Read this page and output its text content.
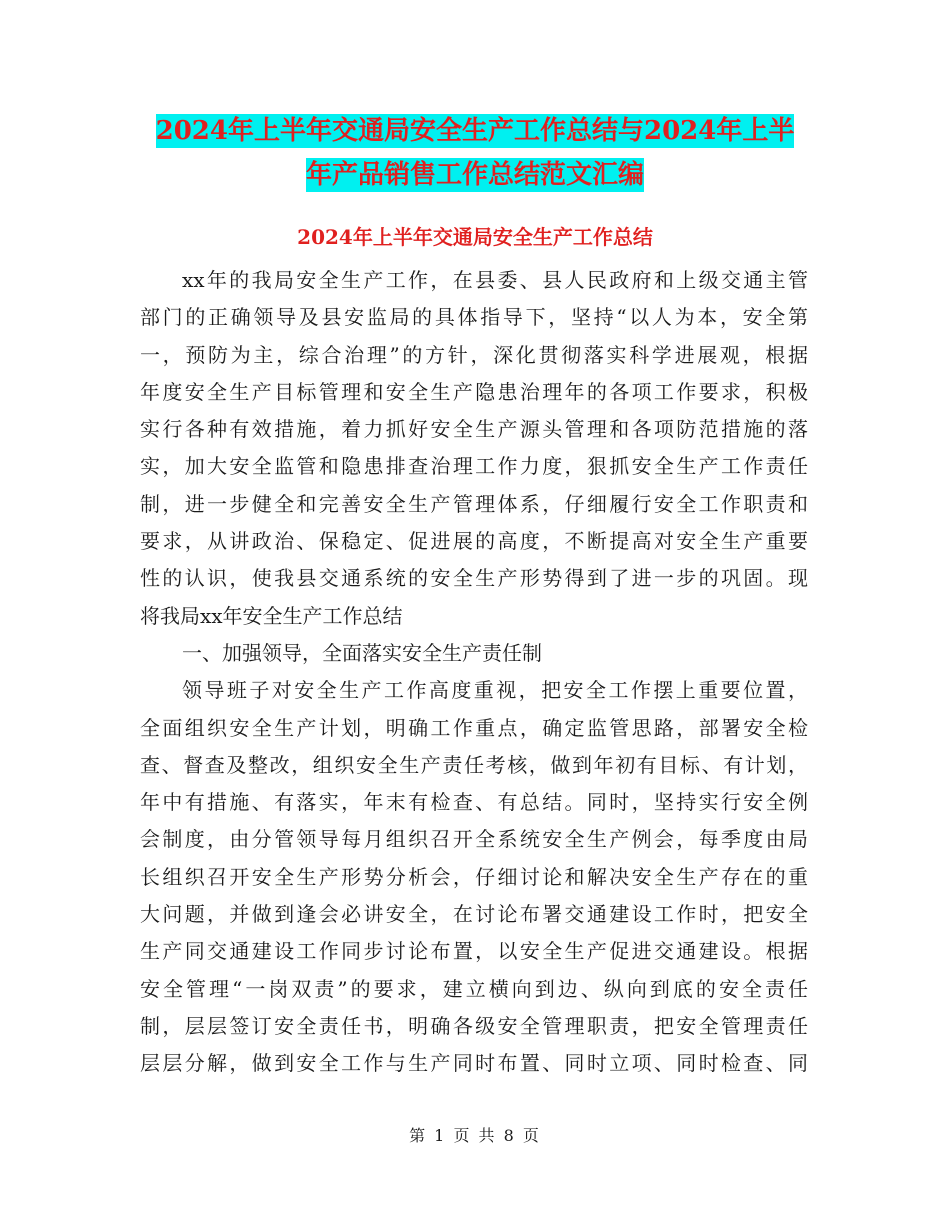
2024年上半年交通局安全生产工作总结与2024年上半
年产品销售工作总结范文汇编
2024年上半年交通局安全生产工作总结
xx年的我局安全生产工作，在县委、县人民政府和上级交通主管
部门的正确领导及县安监局的具体指导下，坚持“以人为本，安全第
一，预防为主，综合治理”的方针，深化贯彻落实科学进展观，根据
年度安全生产目标管理和安全生产隐患治理年的各项工作要求，积极
实行各种有效措施，着力抓好安全生产源头管理和各项防范措施的落
实，加大安全监管和隐患排查治理工作力度，狠抓安全生产工作责任
制，进一步健全和完善安全生产管理体系，仔细履行安全工作职责和
要求，从讲政治、保稳定、促进展的高度，不断提高对安全生产重要
性的认识，使我县交通系统的安全生产形势得到了进一步的巩固。现
将我局xx年安全生产工作总结
一、加强领导，全面落实安全生产责任制
领导班子对安全生产工作高度重视，把安全工作摆上重要位置，
全面组织安全生产计划，明确工作重点，确定监管思路，部署安全检
查、督查及整改，组织安全生产责任考核，做到年初有目标、有计划，
年中有措施、有落实，年末有检查、有总结。同时，坚持实行安全例
会制度，由分管领导每月组织召开全系统安全生产例会，每季度由局
长组织召开安全生产形势分析会，仔细讨论和解决安全生产存在的重
大问题，并做到逢会必讲安全，在讨论布署交通建设工作时，把安全
生产同交通建设工作同步讨论布置，以安全生产促进交通建设。根据
安全管理“一岗双责”的要求，建立横向到边、纵向到底的安全责任
制，层层签订安全责任书，明确各级安全管理职责，把安全管理责任
层层分解，做到安全工作与生产同时布置、同时立项、同时检查、同
第 1 页 共 8 页
